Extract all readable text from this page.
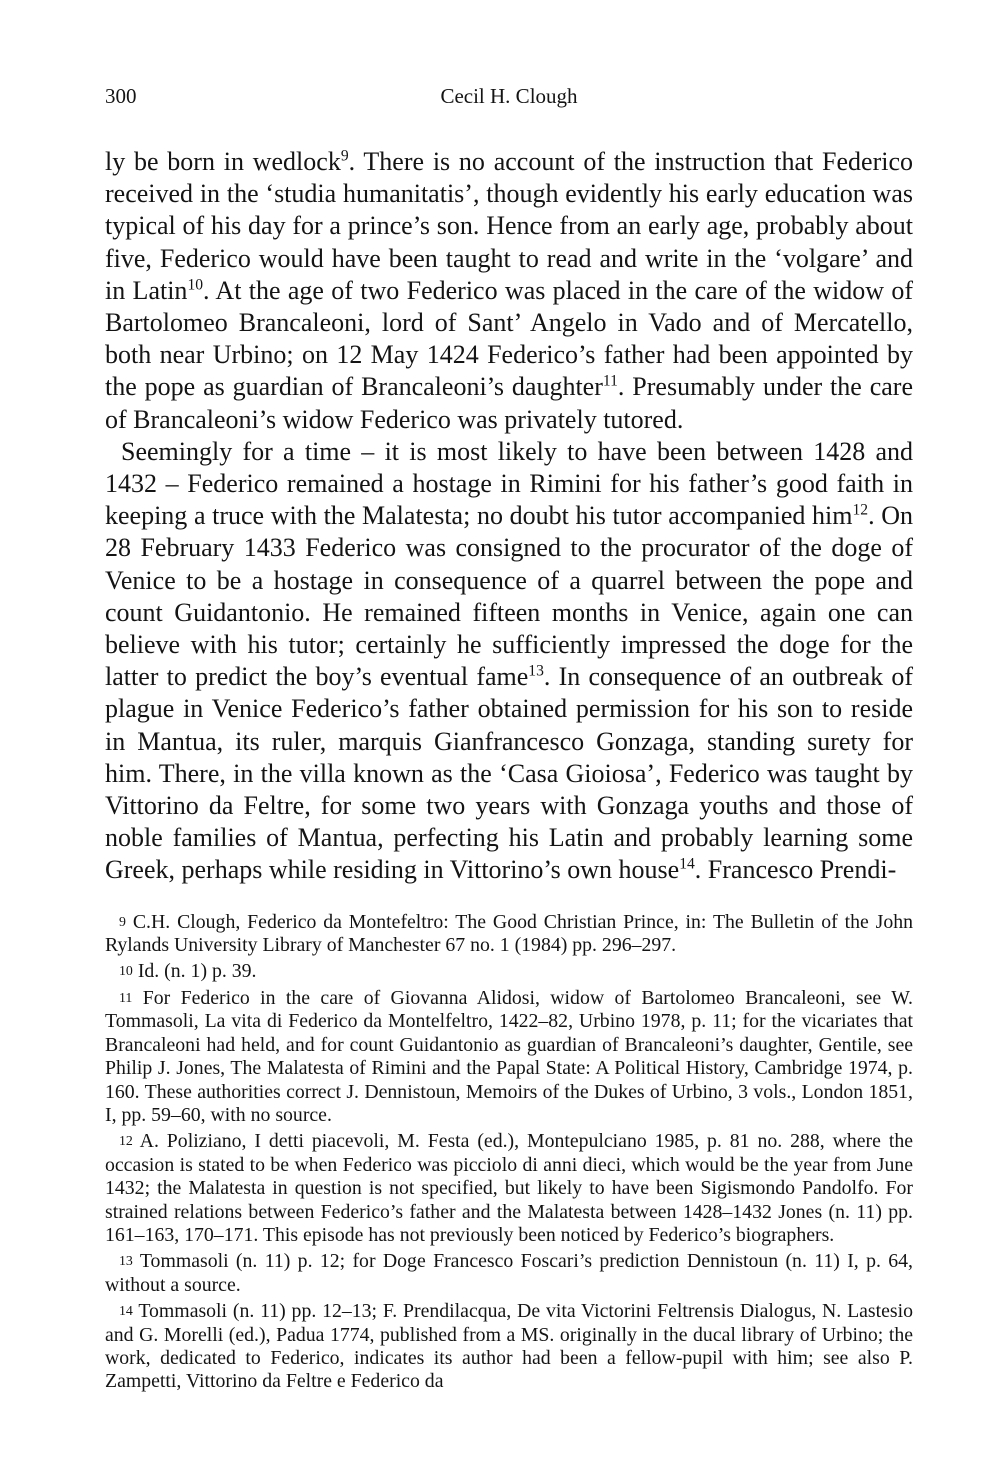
300	Cecil H. Clough

ly be born in wedlock$^9$. There is no account of the instruction that Federico received in the ‘studia humanitatis’, though evidently his early education was typical of his day for a prince’s son. Hence from an early age, probably about five, Federico would have been taught to read and write in the ‘volgare’ and in Latin$^{10}$. At the age of two Federico was placed in the care of the widow of Bartolomeo Brancaleoni, lord of Sant’ Angelo in Vado and of Mercatello, both near Urbino; on 12 May 1424 Federico’s father had been appointed by the pope as guardian of Brancaleoni’s daughter$^{11}$. Presumably under the care of Brancaleoni’s widow Federico was privately tutored.

Seemingly for a time – it is most likely to have been between 1428 and 1432 – Federico remained a hostage in Rimini for his father’s good faith in keeping a truce with the Malatesta; no doubt his tutor accompanied him$^{12}$. On 28 February 1433 Federico was consigned to the procurator of the doge of Venice to be a hostage in consequence of a quarrel between the pope and count Guidantonio. He remained fifteen months in Venice, again one can believe with his tutor; certainly he sufficiently impressed the doge for the latter to predict the boy’s eventual fame$^{13}$. In consequence of an outbreak of plague in Venice Federico’s father obtained permission for his son to reside in Mantua, its ruler, marquis Gianfrancesco Gonzaga, standing surety for him. There, in the villa known as the ‘Casa Gioiosa’, Federico was taught by Vittorino da Feltre, for some two years with Gonzaga youths and those of noble families of Mantua, perfecting his Latin and probably learning some Greek, perhaps while residing in Vittorino’s own house$^{14}$. Francesco Prendi-

$^9$ C.H. Clough, Federico da Montefeltro: The Good Christian Prince, in: The Bulletin of the John Rylands University Library of Manchester 67 no. 1 (1984) pp. 296–297.
$^{10}$ Id. (n. 1) p. 39.
$^{11}$ For Federico in the care of Giovanna Alidosi, widow of Bartolomeo Brancaleoni, see W. Tommasoli, La vita di Federico da Montelfeltro, 1422–82, Urbino 1978, p. 11; for the vicariates that Brancaleoni had held, and for count Guidantonio as guardian of Brancaleoni’s daughter, Gentile, see Philip J. Jones, The Malatesta of Rimini and the Papal State: A Political History, Cambridge 1974, p. 160. These authorities correct J. Dennistoun, Memoirs of the Dukes of Urbino, 3 vols., London 1851, I, pp. 59–60, with no source.
$^{12}$ A. Poliziano, I detti piacevoli, M. Festa (ed.), Montepulciano 1985, p. 81 no. 288, where the occasion is stated to be when Federico was picciolo di anni dieci, which would be the year from June 1432; the Malatesta in question is not specified, but likely to have been Sigismondo Pandolfo. For strained relations between Federico’s father and the Malatesta between 1428–1432 Jones (n. 11) pp. 161–163, 170–171. This episode has not previously been noticed by Federico’s biographers.
$^{13}$ Tommasoli (n. 11) p. 12; for Doge Francesco Foscari’s prediction Dennistoun (n. 11) I, p. 64, without a source.
$^{14}$ Tommasoli (n. 11) pp. 12–13; F. Prendilacqua, De vita Victorini Feltrensis Dialogus, N. Lastesio and G. Morelli (ed.), Padua 1774, published from a MS. originally in the ducal library of Urbino; the work, dedicated to Federico, indicates its author had been a fellow-pupil with him; see also P. Zampetti, Vittorino da Feltre e Federico da
